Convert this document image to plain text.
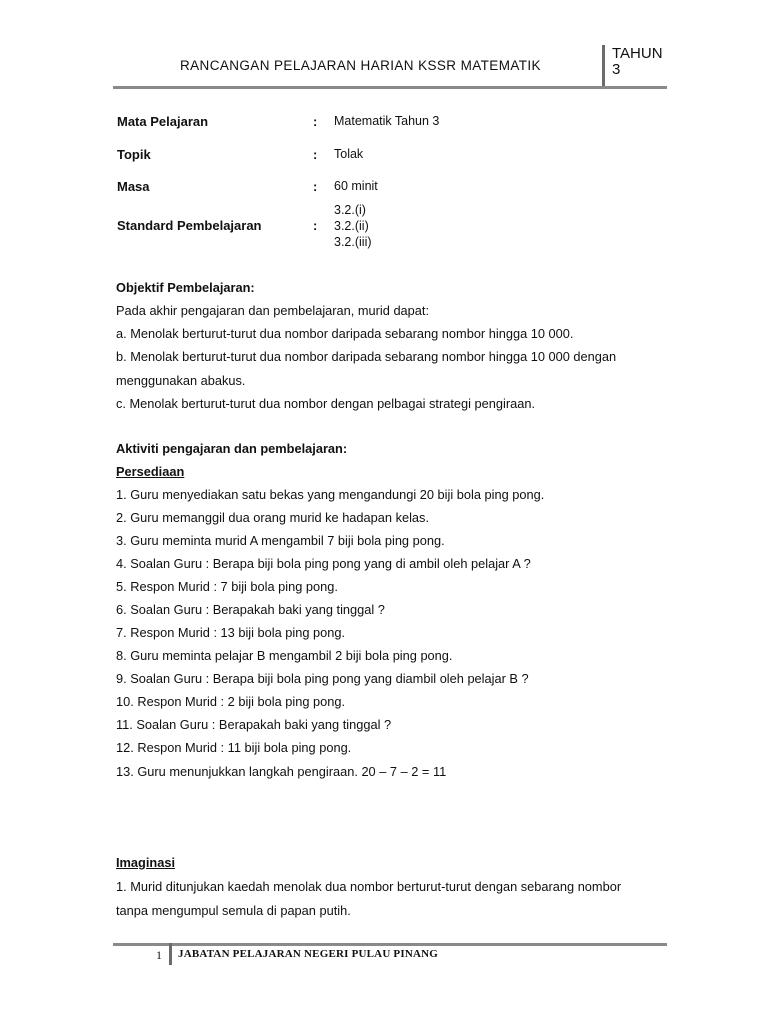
RANCANGAN PELAJARAN HARIAN KSSR MATEMATIK
TAHUN
3
Mata Pelajaran	: Matematik Tahun 3
Topik	: Tolak
Masa	: 60 minit
Standard Pembelajaran	:
3.2.(i)
3.2.(ii)
3.2.(iii)
Objektif Pembelajaran:
Pada akhir pengajaran dan pembelajaran, murid dapat:
a. Menolak berturut-turut dua nombor daripada sebarang nombor hingga 10 000.
b. Menolak berturut-turut dua nombor daripada sebarang nombor hingga 10 000 dengan
menggunakan abakus.
c. Menolak berturut-turut dua nombor dengan pelbagai strategi pengiraan.
Aktiviti pengajaran dan pembelajaran:
Persediaan
1. Guru menyediakan satu bekas yang mengandungi 20 biji bola ping pong.
2. Guru memanggil dua orang murid ke hadapan kelas.
3. Guru meminta murid A mengambil 7 biji bola ping pong.
4. Soalan Guru : Berapa biji bola ping pong yang di ambil oleh pelajar A ?
5. Respon Murid : 7 biji bola ping pong.
6. Soalan Guru : Berapakah baki yang tinggal ?
7. Respon Murid : 13 biji bola ping pong.
8. Guru meminta pelajar B mengambil 2 biji bola ping pong.
9. Soalan Guru : Berapa biji bola ping pong yang diambil oleh pelajar B ?
10. Respon Murid : 2 biji bola ping pong.
11. Soalan Guru : Berapakah baki yang tinggal ?
12. Respon Murid : 11 biji bola ping pong.
13. Guru menunjukkan langkah pengiraan. 20 – 7 – 2 = 11
Imaginasi
1. Murid ditunjukan kaedah menolak dua nombor berturut-turut dengan sebarang nombor
tanpa mengumpul semula di papan putih.
1 JABATAN PELAJARAN NEGERI PULAU PINANG
